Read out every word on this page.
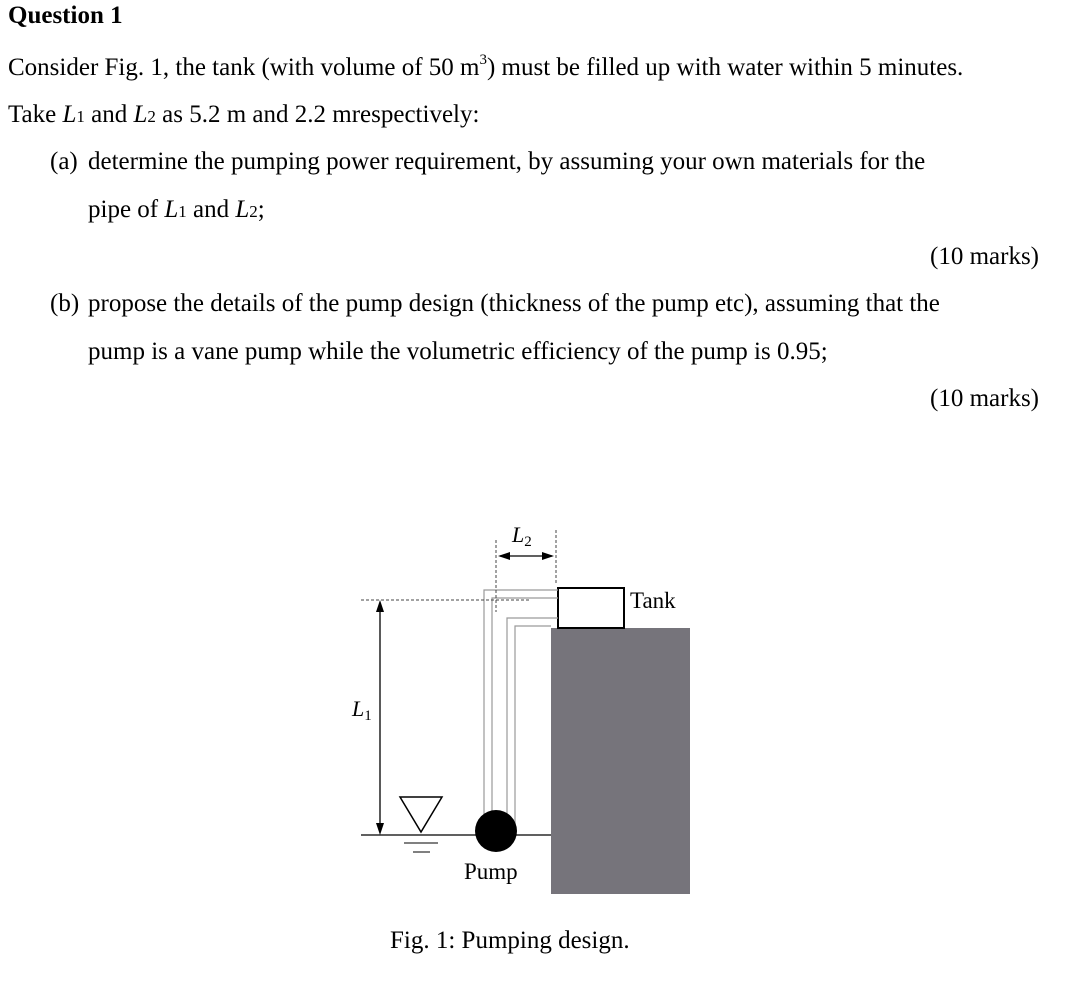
Question 1
Consider Fig. 1, the tank (with volume of 50 $m^3$) must be filled up with water within 5 minutes.
Take L1 and L2 as 5.2 m and 2.2 mrespectively:
(a) determine the pumping power requirement, by assuming your own materials for the
pipe of L1 and L2;
(10 marks)
(b) propose the details of the pump design (thickness of the pump etc), assuming that the
pump is a vane pump while the volumetric efficiency of the pump is 0.95;
(10 marks)
L2
L1
Tank
Pump
Fig. 1: Pumping design.
